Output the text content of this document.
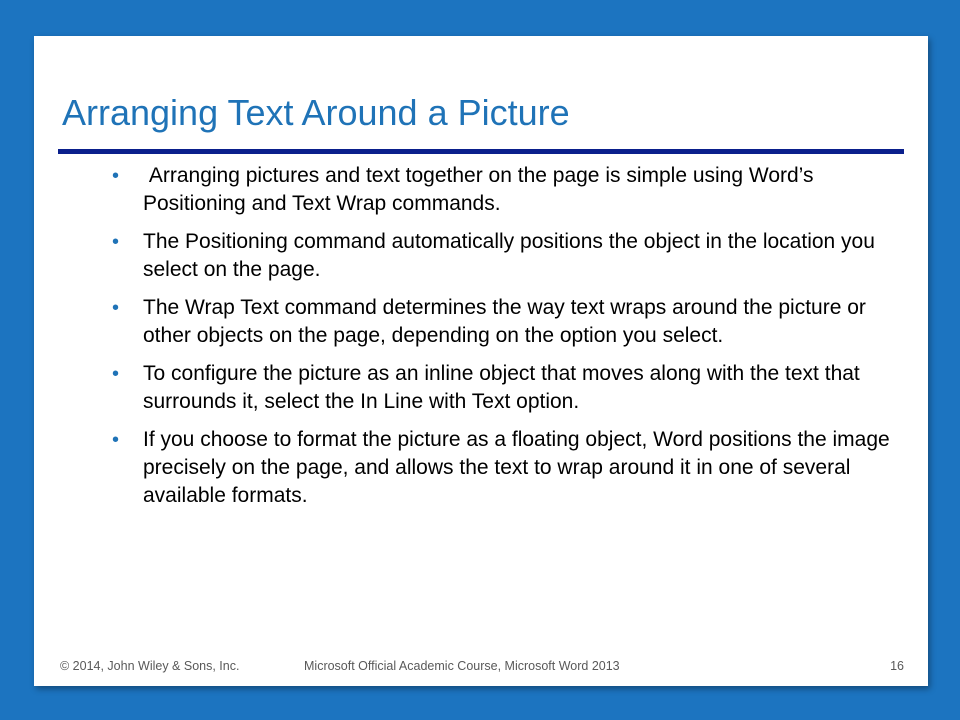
Arranging Text Around a Picture
• Arranging pictures and text together on the page is simple using Word’s Positioning and Text Wrap commands.
• The Positioning command automatically positions the object in the location you select on the page.
• The Wrap Text command determines the way text wraps around the picture or other objects on the page, depending on the option you select.
• To configure the picture as an inline object that moves along with the text that surrounds it, select the In Line with Text option.
• If you choose to format the picture as a floating object, Word positions the image precisely on the page, and allows the text to wrap around it in one of several available formats.
© 2014, John Wiley & Sons, Inc.	Microsoft Official Academic Course, Microsoft Word 2013	16
